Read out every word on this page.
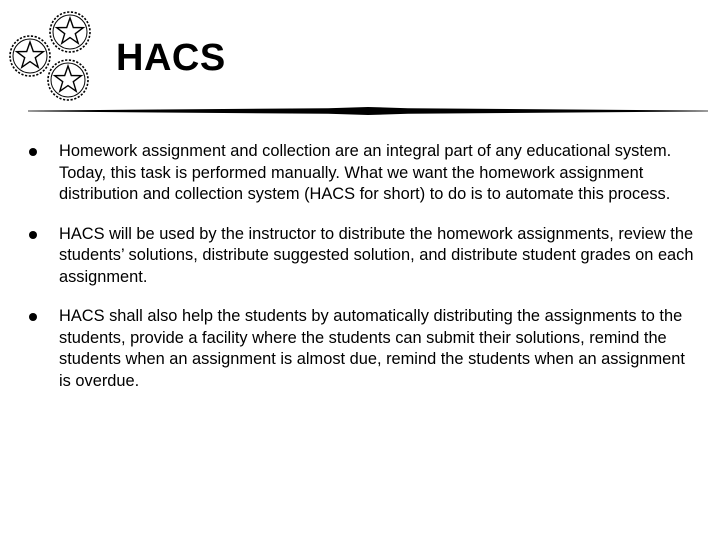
HACS
Homework assignment and collection are an integral part of any educational system. Today, this task is performed manually. What we want the homework assignment distribution and collection system (HACS for short) to do is to automate this process.
HACS will be used by the instructor to distribute the homework assignments, review the students’ solutions, distribute suggested solution, and distribute student grades on each assignment.
HACS shall also help the students by automatically distributing the assignments to the students, provide a facility where the students can submit their solutions, remind the students when an assignment is almost due, remind the students when an assignment is overdue.
